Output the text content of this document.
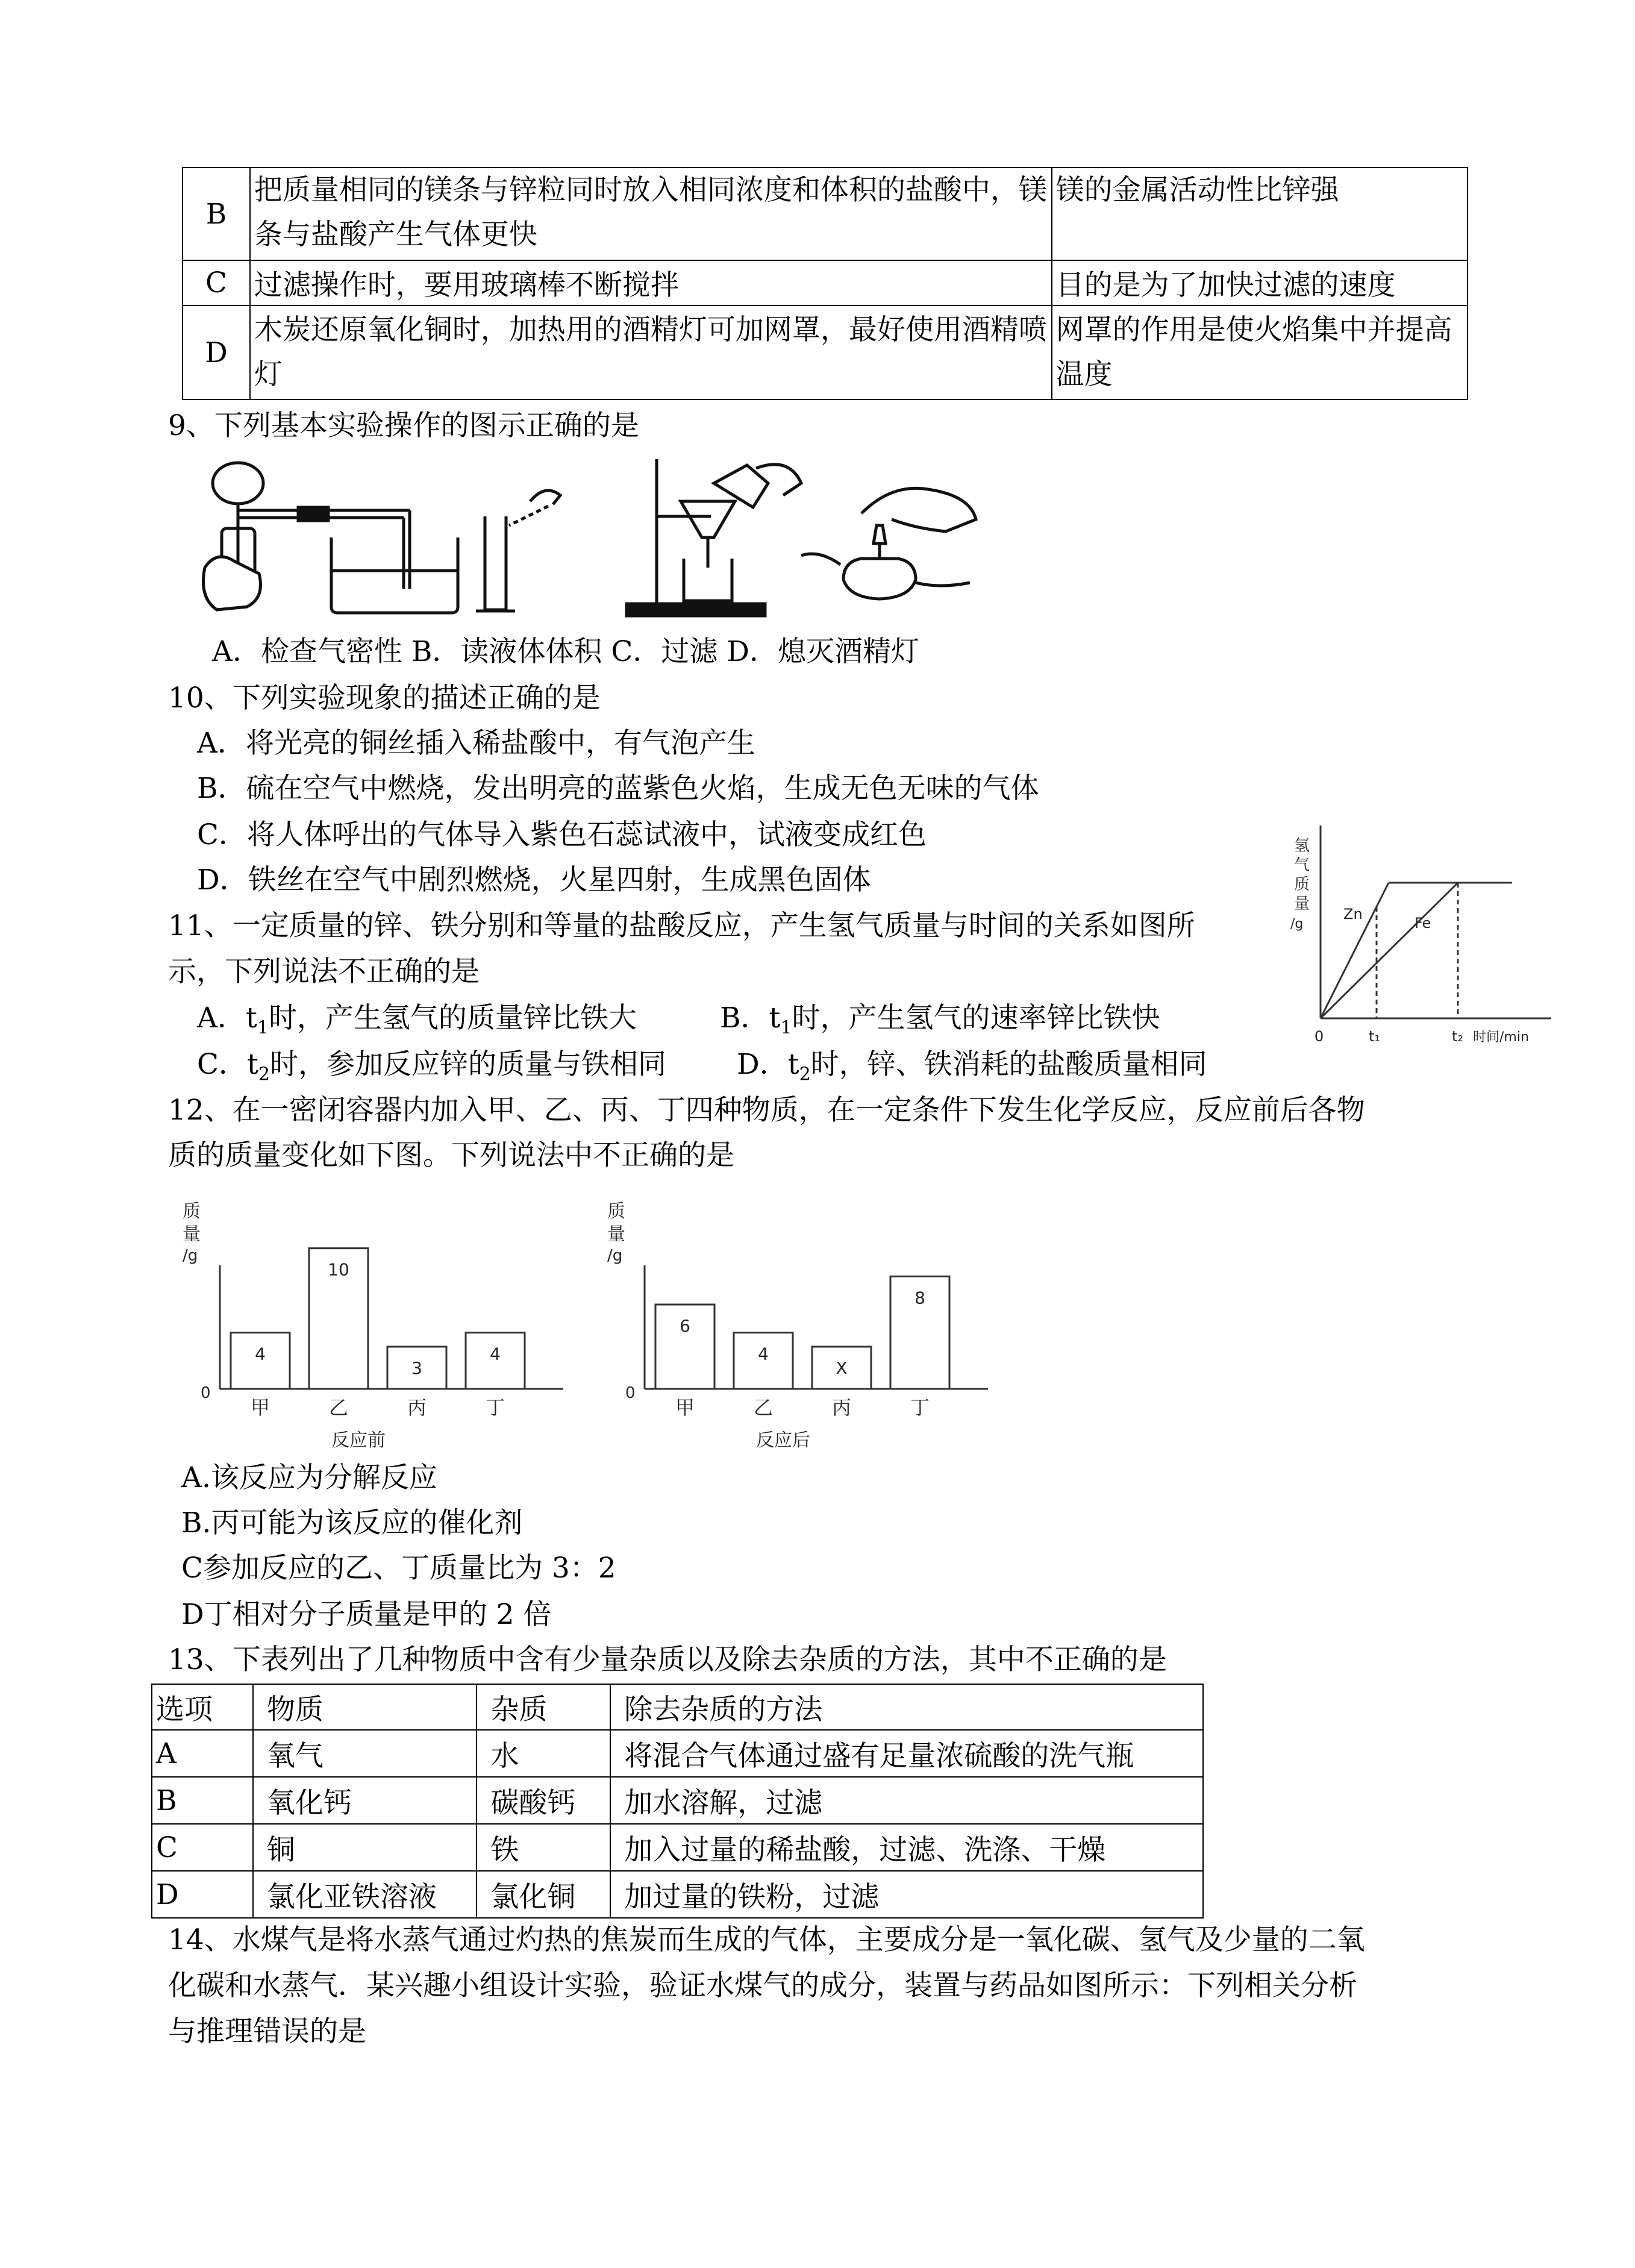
B	把质量相同的镁条与锌粒同时放入相同浓度和体积的盐酸中，镁条与盐酸产生气体更快	镁的金属活动性比锌强
C	过滤操作时，要用玻璃棒不断搅拌	目的是为了加快过滤的速度
D	木炭还原氧化铜时，加热用的酒精灯可加网罩，最好使用酒精喷灯	网罩的作用是使火焰集中并提高温度
9、下列基本实验操作的图示正确的是
A．检查气密性 B．读液体体积 C．过滤 D．熄灭酒精灯
10、下列实验现象的描述正确的是
A．将光亮的铜丝插入稀盐酸中，有气泡产生
B．硫在空气中燃烧，发出明亮的蓝紫色火焰，生成无色无味的气体
C．将人体呼出的气体导入紫色石蕊试液中，试液变成红色
D．铁丝在空气中剧烈燃烧，火星四射，生成黑色固体
11、一定质量的锌、铁分别和等量的盐酸反应，产生氢气质量与时间的关系如图所
示，下列说法不正确的是
A．$t_1$时，产生氢气的质量锌比铁大	B．$t_1$时，产生氢气的速率锌比铁快
C．$t_2$时，参加反应锌的质量与铁相同 D．$t_2$时，锌、铁消耗的盐酸质量相同
氢
气
质
量
/g
Zn
Fe
0	t₁	t₂ 时间/min
12、在一密闭容器内加入甲、乙、丙、丁四种物质，在一定条件下发生化学反应，反应前后各物
质的质量变化如下图。下列说法中不正确的是
质
量
/g
0
4
甲
10
乙
3
丙
4
丁
反应前
质
量
/g
0
6
甲
4
乙
X
丙
8
丁
反应后
A.该反应为分解反应
B.丙可能为该反应的催化剂
C参加反应的乙、丁质量比为 3：2
D丁相对分子质量是甲的 2 倍
13、下表列出了几种物质中含有少量杂质以及除去杂质的方法，其中不正确的是
选项	物质	杂质	除去杂质的方法
A	氧气	水	将混合气体通过盛有足量浓硫酸的洗气瓶
B	氧化钙	碳酸钙	加水溶解，过滤
C	铜	铁	加入过量的稀盐酸，过滤、洗涤、干燥
D	氯化亚铁溶液	氯化铜	加过量的铁粉，过滤
14、水煤气是将水蒸气通过灼热的焦炭而生成的气体，主要成分是一氧化碳、氢气及少量的二氧
化碳和水蒸气．某兴趣小组设计实验，验证水煤气的成分，装置与药品如图所示：下列相关分析
与推理错误的是
